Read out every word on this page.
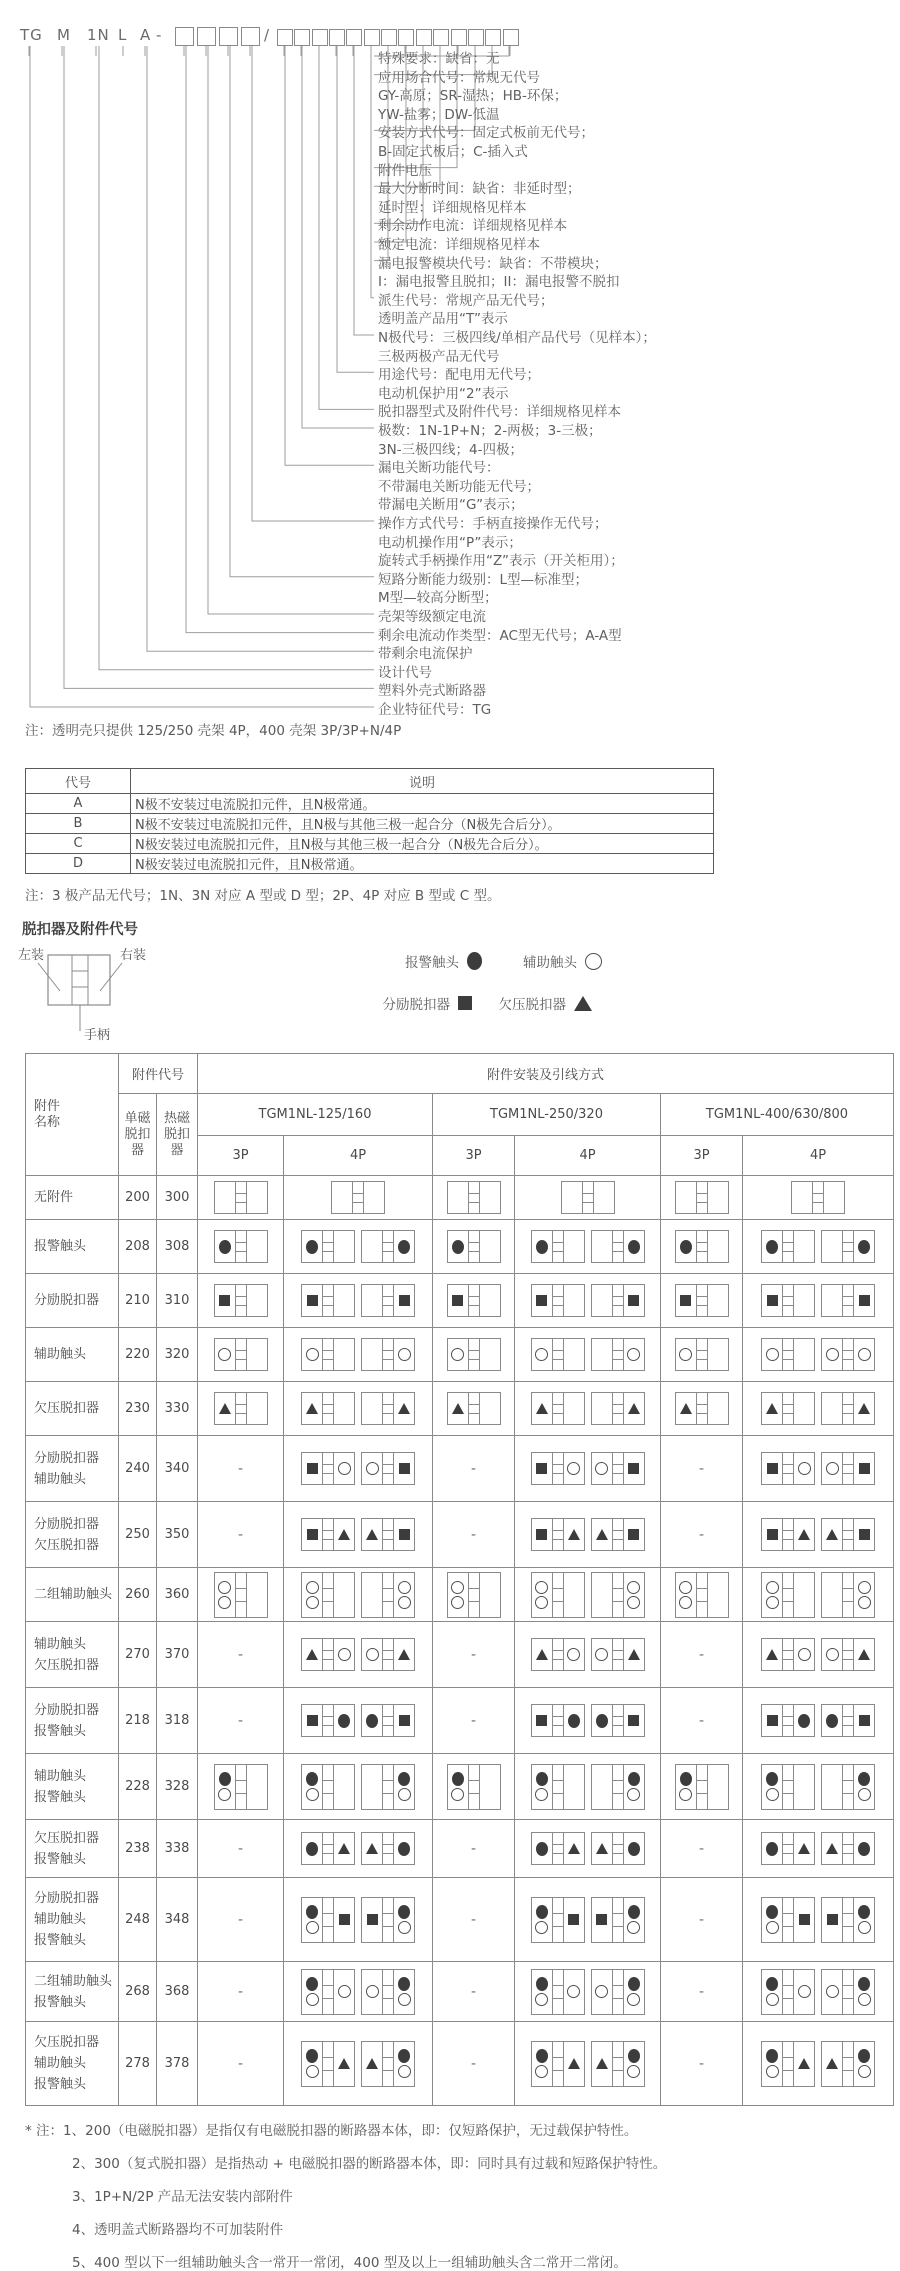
TG M 1N L A -	/
特殊要求：缺省：无
应用场合代号：常规无代号
GY-高原；SR-湿热；HB-环保；
YW-盐雾；DW-低温
安装方式代号：固定式板前无代号；
B-固定式板后；C-插入式
附件电压
最大分断时间：缺省：非延时型；
延时型：详细规格见样本
剩余动作电流：详细规格见样本
额定电流：详细规格见样本
漏电报警模块代号：缺省：不带模块；
I：漏电报警且脱扣；II：漏电报警不脱扣
派生代号：常规产品无代号；
透明盖产品用“T”表示
N极代号：三极四线/单相产品代号（见样本）；
三极两极产品无代号
用途代号：配电用无代号；
电动机保护用“2”表示
脱扣器型式及附件代号：详细规格见样本
极数：1N-1P+N；2-两极；3-三极；
3N-三极四线；4-四极；
漏电关断功能代号：
不带漏电关断功能无代号；
带漏电关断用“G”表示；
操作方式代号：手柄直接操作无代号；
电动机操作用“P”表示；
旋转式手柄操作用“Z”表示（开关柜用）；
短路分断能力级别：L型—标准型；
M型—较高分断型；
壳架等级额定电流
剩余电流动作类型：AC型无代号；A-A型
带剩余电流保护
设计代号
塑料外壳式断路器
企业特征代号：TG
注：透明壳只提供 125/250 壳架 4P，400 壳架 3P/3P+N/4P
代号	说明
A	N极不安装过电流脱扣元件，且N极常通。
B	N极不安装过电流脱扣元件，且N极与其他三极一起合分（N极先合后分）。
C	N极安装过电流脱扣元件，且N极与其他三极一起合分（N极先合后分）。
D	N极安装过电流脱扣元件，且N极常通。
注：3 极产品无代号；1N、3N 对应 A 型或 D 型；2P、4P 对应 B 型或 C 型。
脱扣器及附件代号
左装	右装
手柄
报警触头	辅助触头
分励脱扣器	欠压脱扣器
附件
名称	附件代号		附件安装及引线方式					

单磁
脱扣
器

热磁
脱扣
器
	TGM1NL-125/160	TGM1NL-250/320	TGM1NL-400/630/800
			3P	4P	3P	4P	3P	4P

无附件	200	300	

报警触头	208	308	

分励脱扣器	210	310	

辅助触头	220	320	

欠压脱扣器	230	330	

分励脱扣器
辅助触头	240	340	-		-		-	

分励脱扣器
欠压脱扣器	250	350	-		-		-	

二组辅助触头	260	360	

辅助触头
欠压脱扣器	270	370	-		-		-	

分励脱扣器
报警触头	218	318	-		-		-	

辅助触头
报警触头	228	328	

欠压脱扣器
报警触头	238	338	-		-		-	

分励脱扣器
辅助触头
报警触头	248	348	-		-		-	

二组辅助触头
报警触头	268	368	-		-		-	

欠压脱扣器
辅助触头
报警触头	278	378	-		-		-	
* 注：1、200（电磁脱扣器）是指仅有电磁脱扣器的断路器本体，即：仅短路保护，无过载保护特性。
2、300（复式脱扣器）是指热动 + 电磁脱扣器的断路器本体，即：同时具有过载和短路保护特性。
3、1P+N/2P 产品无法安装内部附件
4、透明盖式断路器均不可加装附件
5、400 型以下一组辅助触头含一常开一常闭，400 型及以上一组辅助触头含二常开二常闭。
